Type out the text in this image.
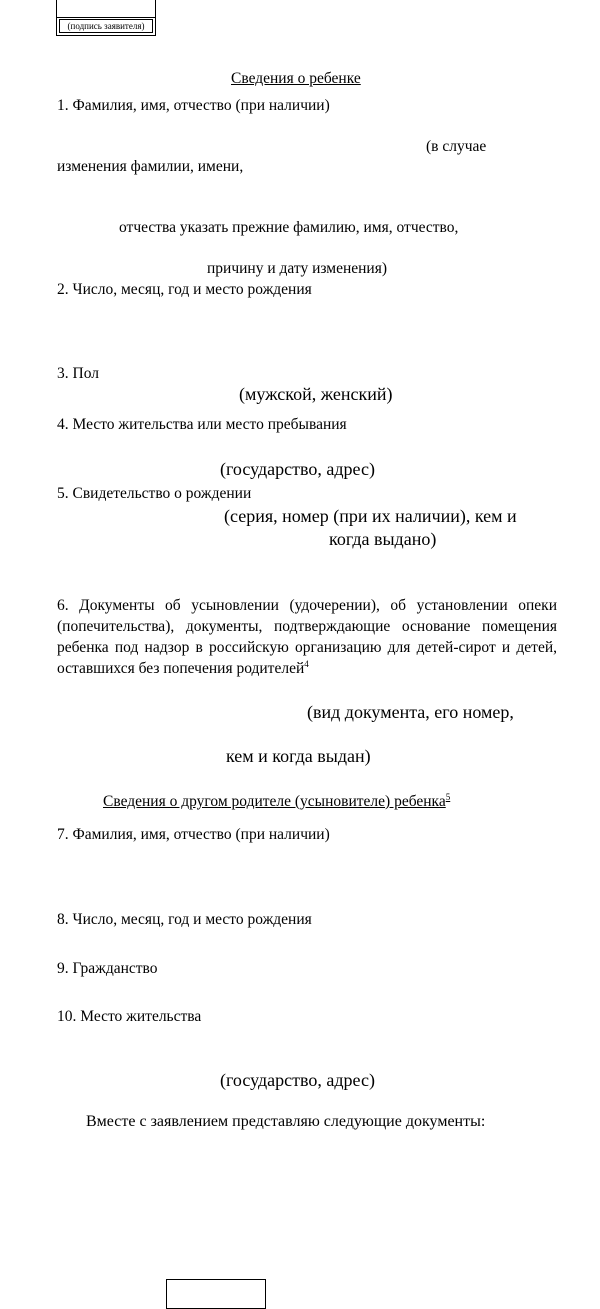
(подпись заявителя)
Сведения о ребенке
1. Фамилия, имя, отчество (при наличии)
(в случае
изменения фамилии, имени,
отчества указать прежние фамилию, имя, отчество,
причину и дату изменения)
2. Число, месяц, год и место рождения
3. Пол
(мужской, женский)
4. Место жительства или место пребывания
(государство, адрес)
5. Свидетельство о рождении
(серия, номер (при их наличии), кем и
когда выдано)
6. Документы об усыновлении (удочерении), об установлении опеки (попечительства), документы, подтверждающие основание помещения ребенка под надзор в российскую организацию для детей-сирот и детей, оставшихся без попечения родителей$^4$
(вид документа, его номер,
кем и когда выдан)
Сведения о другом родителе (усыновителе) ребенка$^5$
7. Фамилия, имя, отчество (при наличии)
8. Число, месяц, год и место рождения
9. Гражданство
10. Место жительства
(государство, адрес)
Вместе с заявлением представляю следующие документы:
